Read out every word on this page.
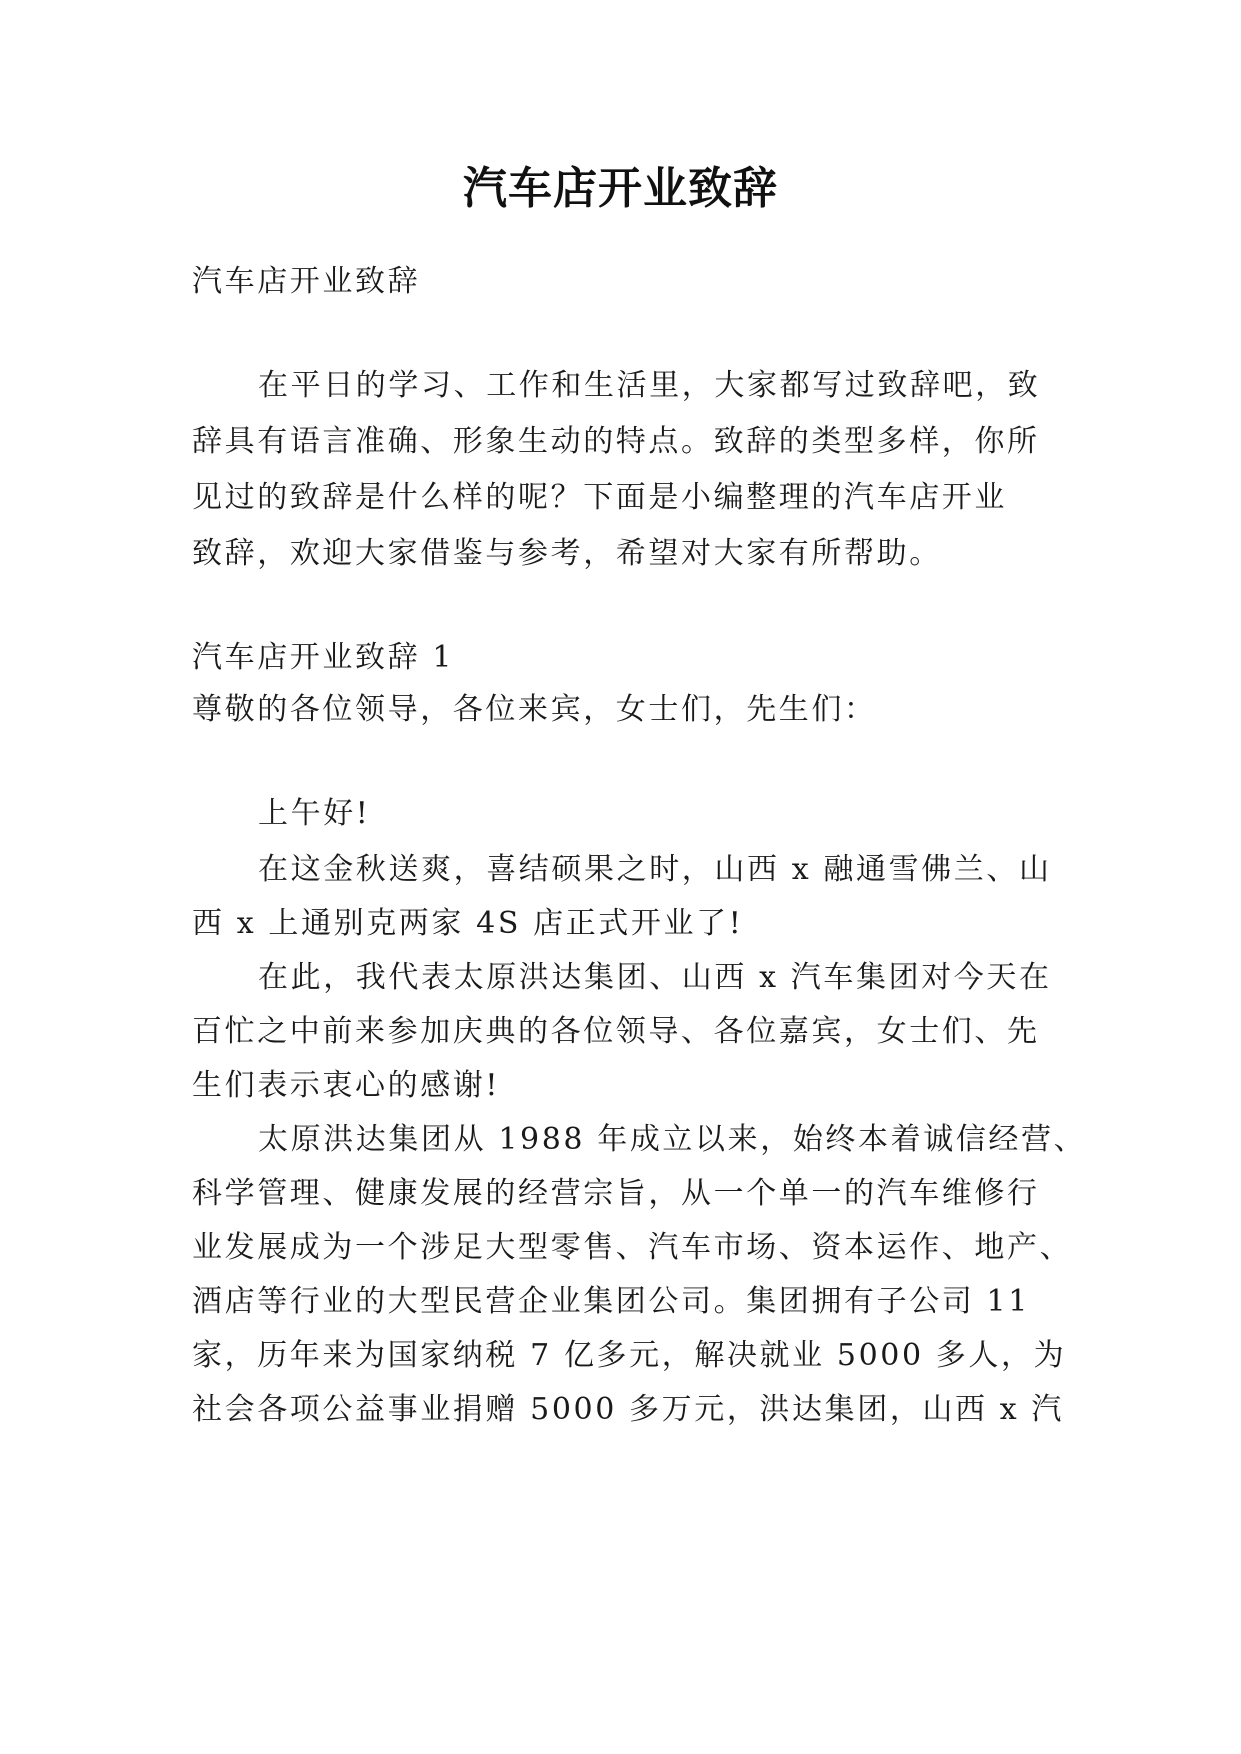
汽车店开业致辞
汽车店开业致辞
在平日的学习、工作和生活里，大家都写过致辞吧，致
辞具有语言准确、形象生动的特点。致辞的类型多样，你所
见过的致辞是什么样的呢？下面是小编整理的汽车店开业
致辞，欢迎大家借鉴与参考，希望对大家有所帮助。
汽车店开业致辞 1
尊敬的各位领导，各位来宾，女士们，先生们：
上午好!
在这金秋送爽，喜结硕果之时，山西 x 融通雪佛兰、山
西 x 上通别克两家 4S 店正式开业了!
在此，我代表太原洪达集团、山西 x 汽车集团对今天在
百忙之中前来参加庆典的各位领导、各位嘉宾，女士们、先
生们表示衷心的感谢!
太原洪达集团从 1988 年成立以来，始终本着诚信经营、
科学管理、健康发展的经营宗旨，从一个单一的汽车维修行
业发展成为一个涉足大型零售、汽车市场、资本运作、地产、
酒店等行业的大型民营企业集团公司。集团拥有子公司 11
家，历年来为国家纳税 7 亿多元，解决就业 5000 多人，为
社会各项公益事业捐赠 5000 多万元，洪达集团，山西 x 汽
